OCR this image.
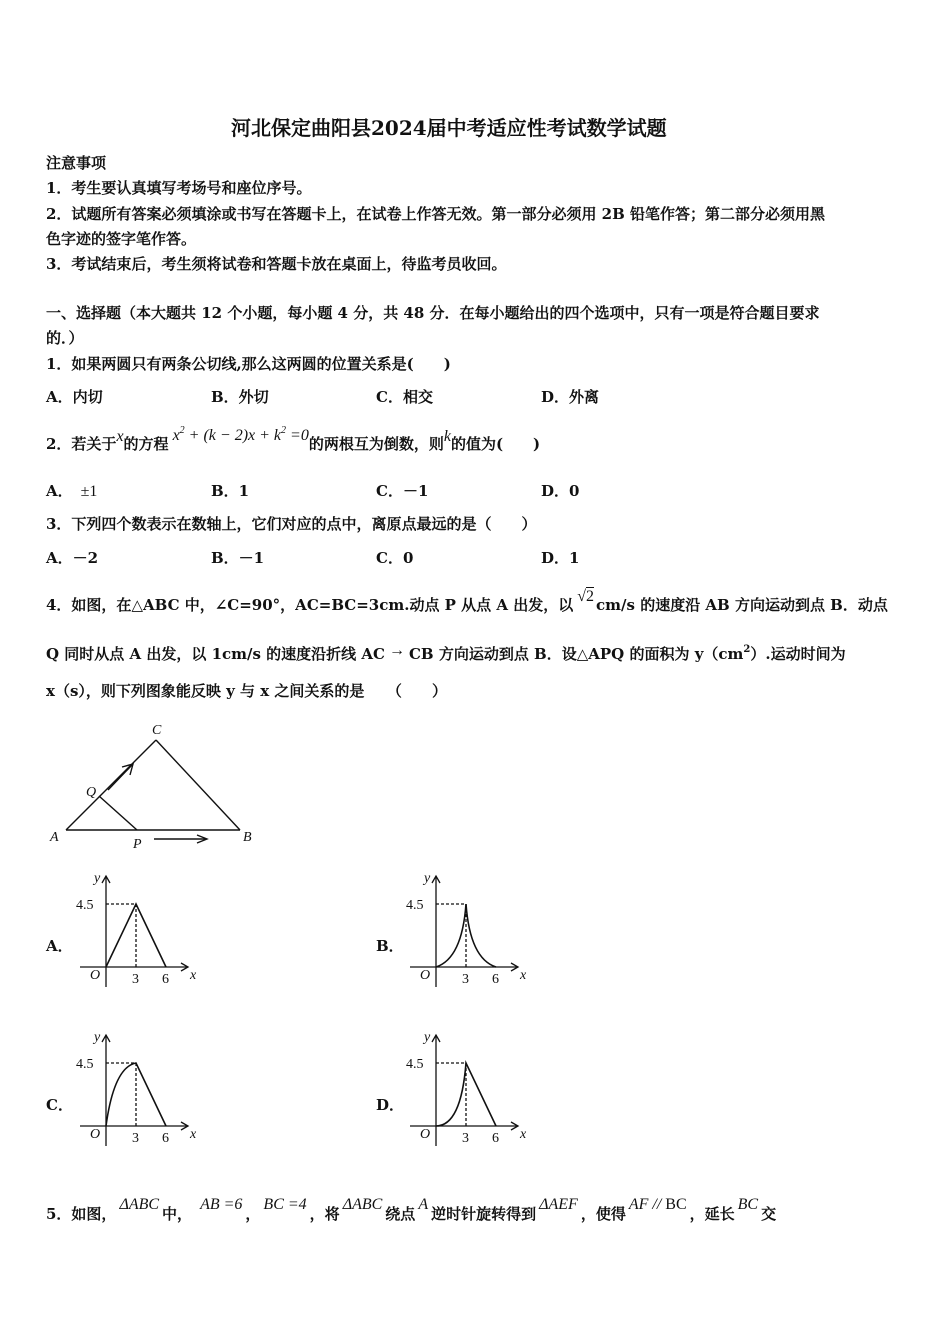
河北保定曲阳县2024届中考适应性考试数学试题
注意事项
1．考生要认真填写考场号和座位序号。
2．试题所有答案必须填涂或书写在答题卡上，在试卷上作答无效。第一部分必须用 2B 铅笔作答；第二部分必须用黑
色字迹的签字笔作答。
3．考试结束后，考生须将试卷和答题卡放在桌面上，待监考员收回。
一、选择题（本大题共 12 个小题，每小题 4 分，共 48 分．在每小题给出的四个选项中，只有一项是符合题目要求
的．）
1．如果两圆只有两条公切线,那么这两圆的位置关系是(　　)
A．内切	B．外切	C．相交	D．外离
2．若关于x的方程 $x^2 + (k - 2)x + k^2 =0$的两根互为倒数，则k的值为(　　)
A． ±1	B．1	C．－1	D．0
3．下列四个数表示在数轴上，它们对应的点中，离原点最远的是（　　）
A．－2	B．－1	C．0	D．1
4．如图，在△ABC 中，∠C=90°，AC=BC=3cm.动点 P 从点 A 出发，以 √2 cm/s 的速度沿 AB 方向运动到点 B．动点
Q 同时从点 A 出发，以 1cm/s 的速度沿折线 AC → CB 方向运动到点 B．设△APQ 的面积为 $y(cm^2)$.运动时间为
x（s），则下列图象能反映 y 与 x 之间关系的是　　（　　）
C
Q
A	P	B
A．	B．
C．	D．
y
x
O
4.5
3 6
y
x
O
4.5
3 6
y
x
O
4.5
3 6
y
x
O
4.5
3 6
5．如图，ΔABC中，AB =6，BC =4，将ΔABC绕点A逆时针旋转得到ΔAEF，使得AF // BC，延长BC交
